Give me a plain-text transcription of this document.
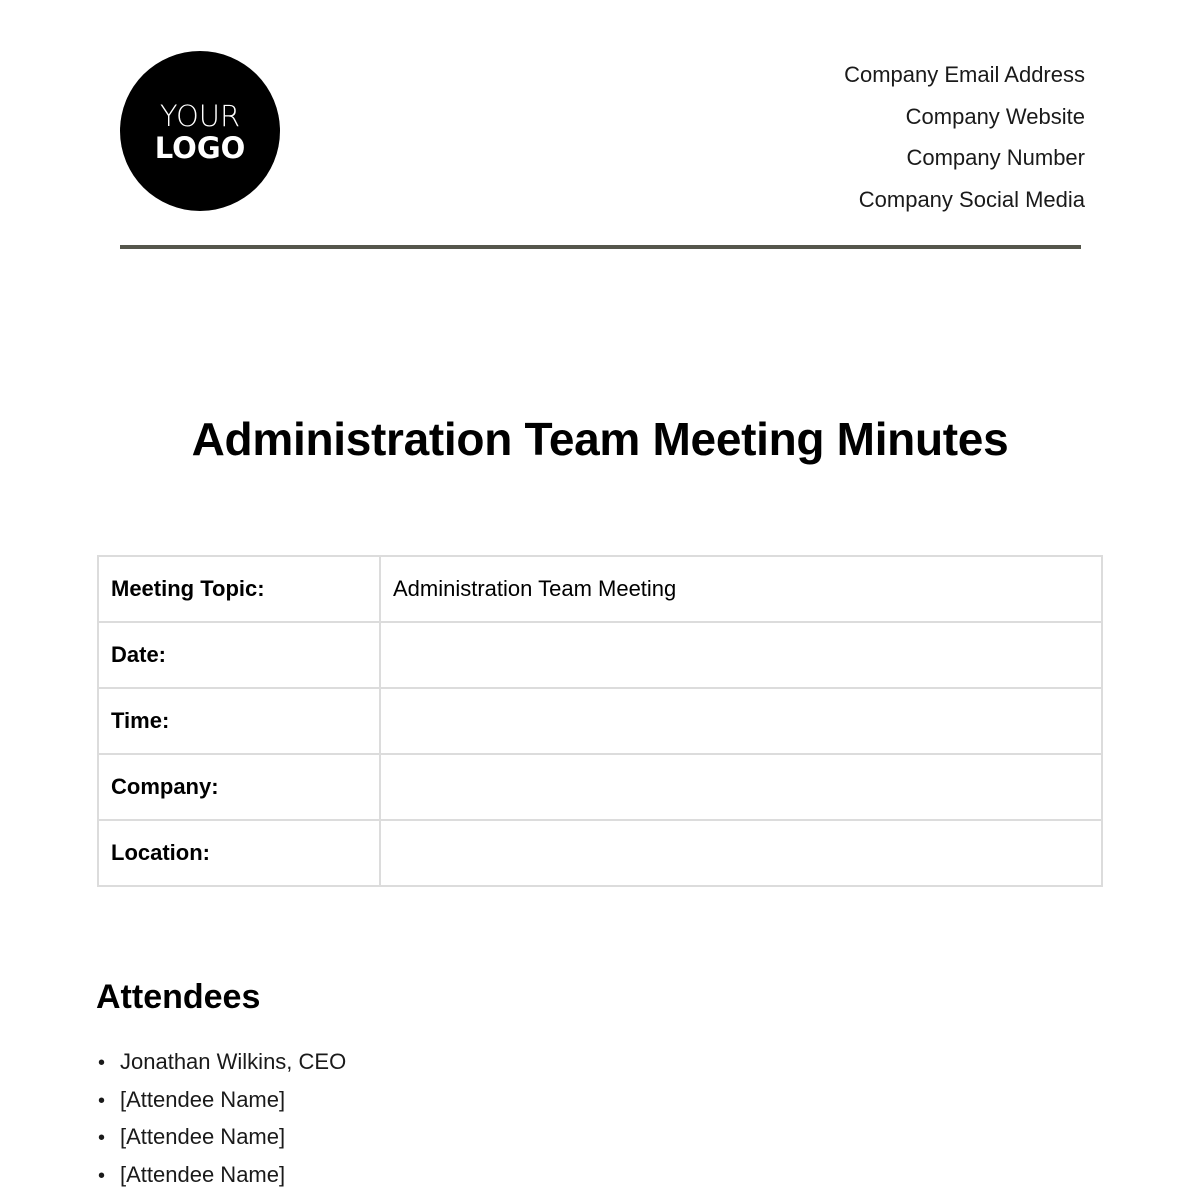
YOUR
LOGO
Company Email Address
Company Website
Company Number
Company Social Media
Administration Team Meeting Minutes
Meeting Topic:	Administration Team Meeting
Date:	
Time:	
Company:	
Location:	
Attendees
• Jonathan Wilkins, CEO
• [Attendee Name]
• [Attendee Name]
• [Attendee Name]
